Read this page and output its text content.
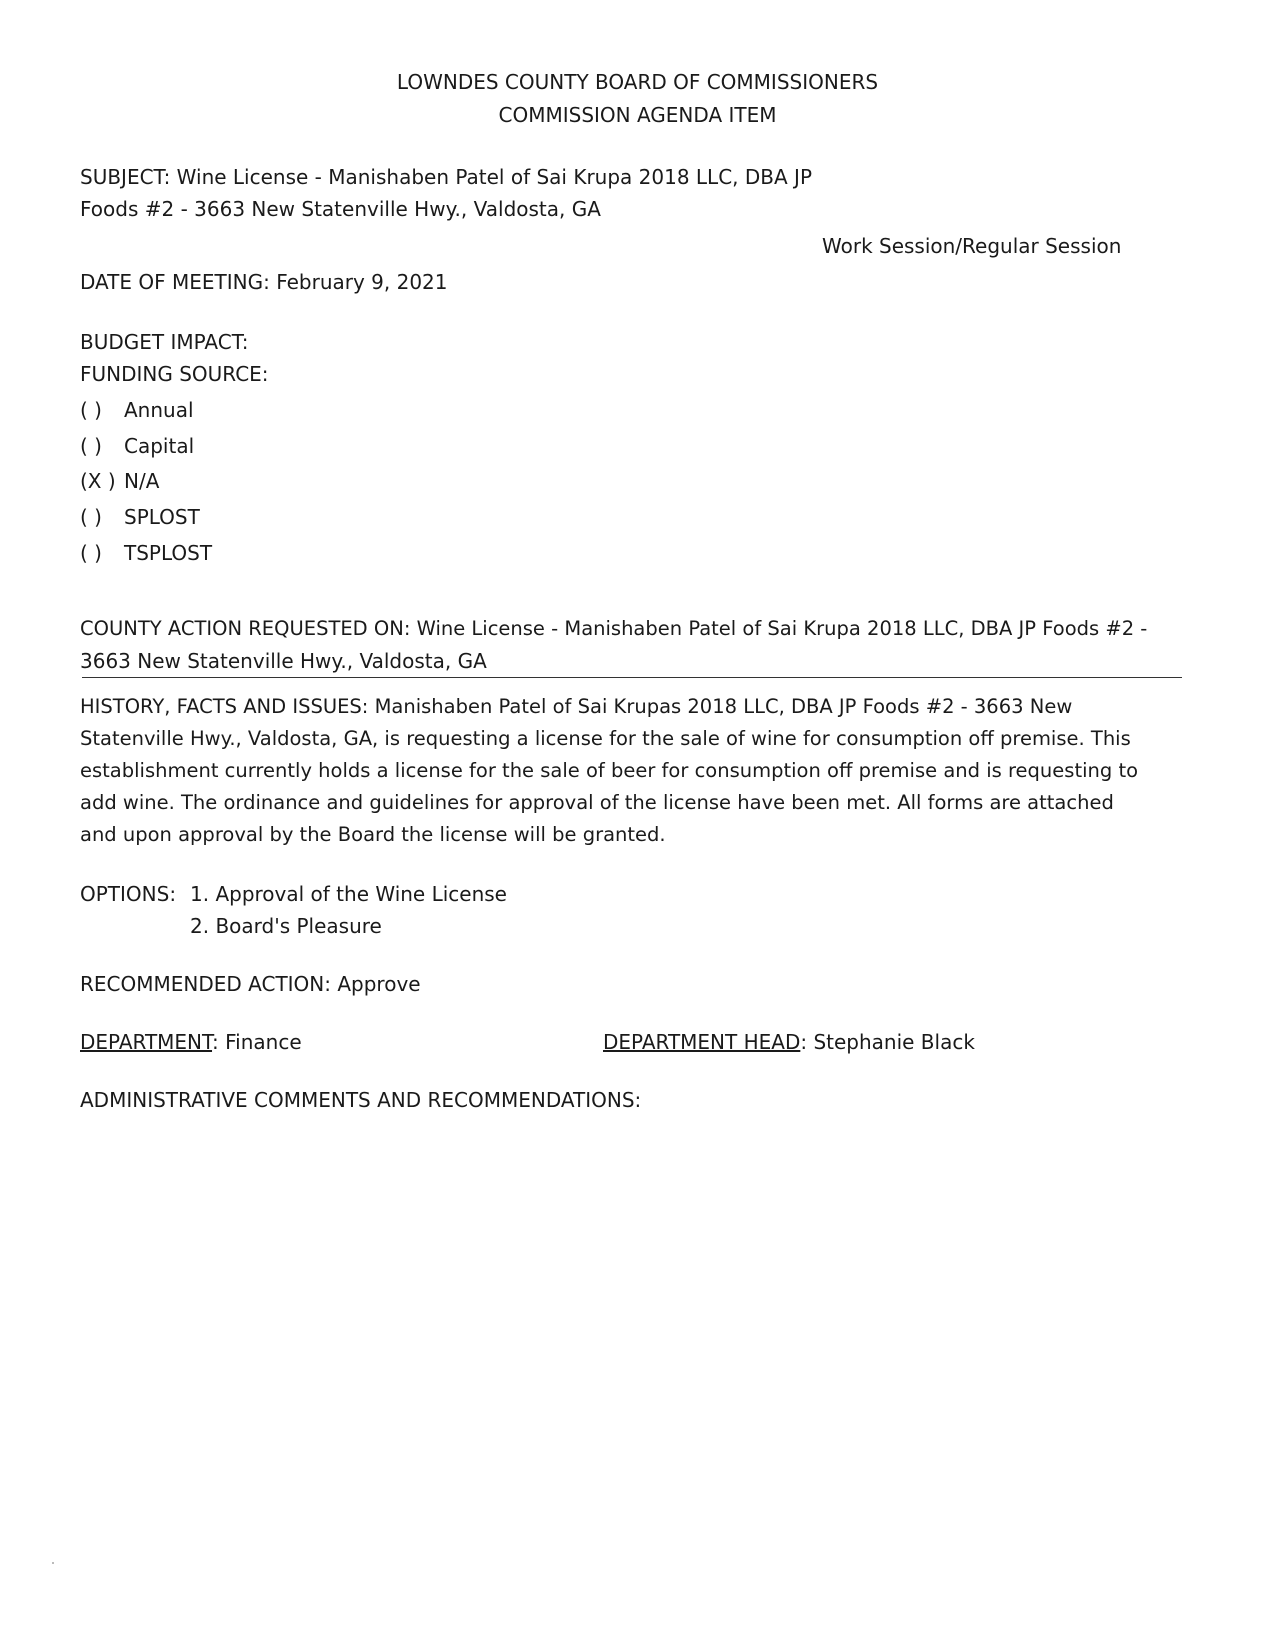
LOWNDES COUNTY BOARD OF COMMISSIONERS
COMMISSION AGENDA ITEM
SUBJECT: Wine License - Manishaben Patel of Sai Krupa 2018 LLC, DBA JP
Foods #2 - 3663 New Statenville Hwy., Valdosta, GA
Work Session/Regular Session
DATE OF MEETING: February 9, 2021
BUDGET IMPACT:
FUNDING SOURCE:
( ) Annual
( ) Capital
(X ) N/A
( ) SPLOST
( ) TSPLOST
COUNTY ACTION REQUESTED ON: Wine License - Manishaben Patel of Sai Krupa 2018 LLC, DBA JP Foods #2 -
3663 New Statenville Hwy., Valdosta, GA
HISTORY, FACTS AND ISSUES: Manishaben Patel of Sai Krupas 2018 LLC, DBA JP Foods #2 - 3663 New
Statenville Hwy., Valdosta, GA, is requesting a license for the sale of wine for consumption off premise. This
establishment currently holds a license for the sale of beer for consumption off premise and is requesting to
add wine. The ordinance and guidelines for approval of the license have been met. All forms are attached
and upon approval by the Board the license will be granted.
OPTIONS: 1. Approval of the Wine License
2. Board's Pleasure
RECOMMENDED ACTION: Approve
DEPARTMENT: Finance	DEPARTMENT HEAD: Stephanie Black
ADMINISTRATIVE COMMENTS AND RECOMMENDATIONS:
